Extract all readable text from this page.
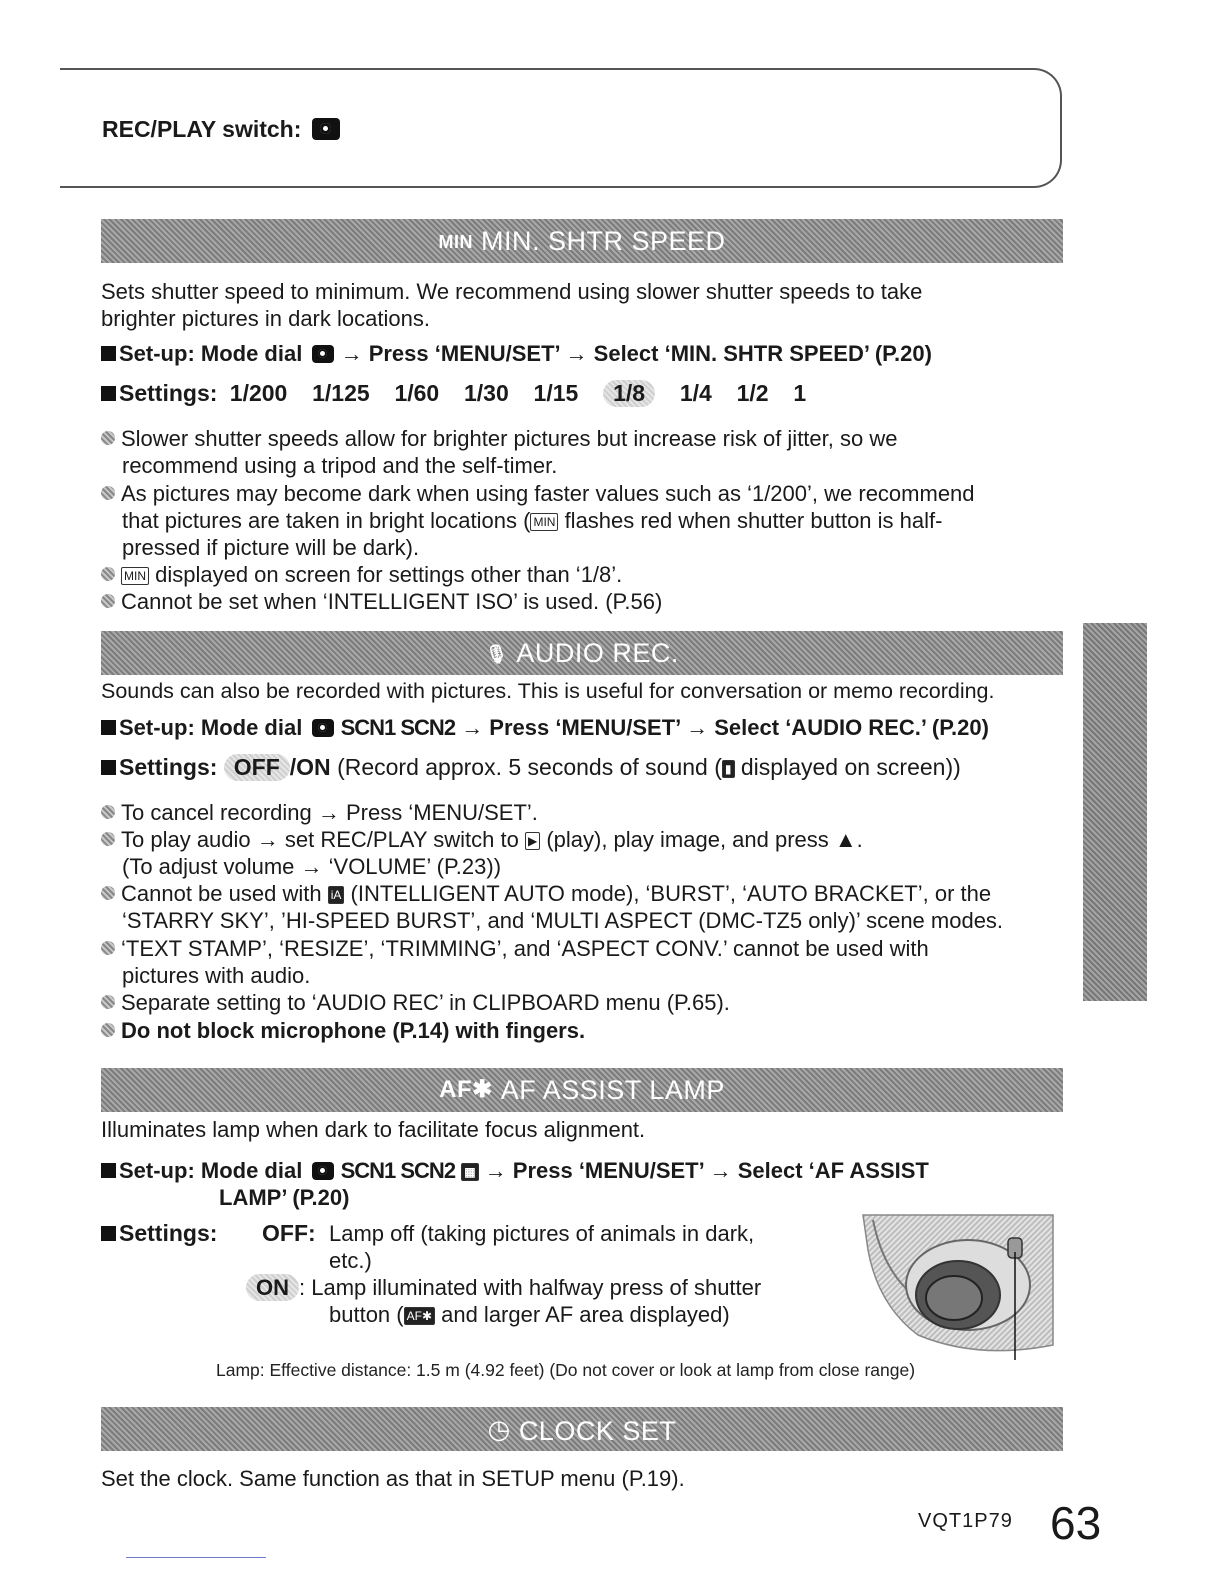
REC/PLAY switch:
MIN MIN. SHTR SPEED
Sets shutter speed to minimum. We recommend using slower shutter speeds to take
brighter pictures in dark locations.
Set-up: Mode dial → Press ‘MENU/SET’ → Select ‘MIN. SHTR SPEED’ (P.20)
Settings: 1/200  1/125  1/60  1/30  1/15 1/8 1/4  1/2  1
Slower shutter speeds allow for brighter pictures but increase risk of jitter, so we
recommend using a tripod and the self-timer.
As pictures may become dark when using faster values such as ‘1/200’, we recommend
that pictures are taken in bright locations ( MIN flashes red when shutter button is half-
pressed if picture will be dark).
MIN displayed on screen for settings other than ‘1/8’.
Cannot be set when ‘INTELLIGENT ISO’ is used. (P.56)
🎙 AUDIO REC.
Sounds can also be recorded with pictures. This is useful for conversation or memo recording.
Set-up: Mode dial SCN1 SCN2 → Press ‘MENU/SET’ → Select ‘AUDIO REC.’ (P.20)
Settings: OFF /ON (Record approx. 5 seconds of sound ( ▮ displayed on screen))
To cancel recording → Press ‘MENU/SET’.
To play audio → set REC/PLAY switch to ▶ (play), play image, and press ▲.
(To adjust volume → ‘VOLUME’ (P.23))
Cannot be used with iA (INTELLIGENT AUTO mode), ‘BURST’, ‘AUTO BRACKET’, or the
‘STARRY SKY’, ’HI-SPEED BURST’, and ‘MULTI ASPECT (DMC-TZ5 only)’ scene modes.
‘TEXT STAMP’, ‘RESIZE’, ‘TRIMMING’, and ‘ASPECT CONV.’ cannot be used with
pictures with audio.
Separate setting to ‘AUDIO REC’ in CLIPBOARD menu (P.65).
Do not block microphone (P.14) with fingers.
AF✱ AF ASSIST LAMP
Illuminates lamp when dark to facilitate focus alignment.
Set-up: Mode dial SCN1 SCN2 ▦ → Press ‘MENU/SET’ → Select ‘AF ASSIST
LAMP’ (P.20)
Settings: OFF: Lamp off (taking pictures of animals in dark,
etc.)
ON : Lamp illuminated with halfway press of shutter
button ( AF✱ and larger AF area displayed)
Lamp: Effective distance: 1.5 m (4.92 feet) (Do not cover or look at lamp from close range)
◷ CLOCK SET
Set the clock. Same function as that in SETUP menu (P.19).
VQT1P79 63
